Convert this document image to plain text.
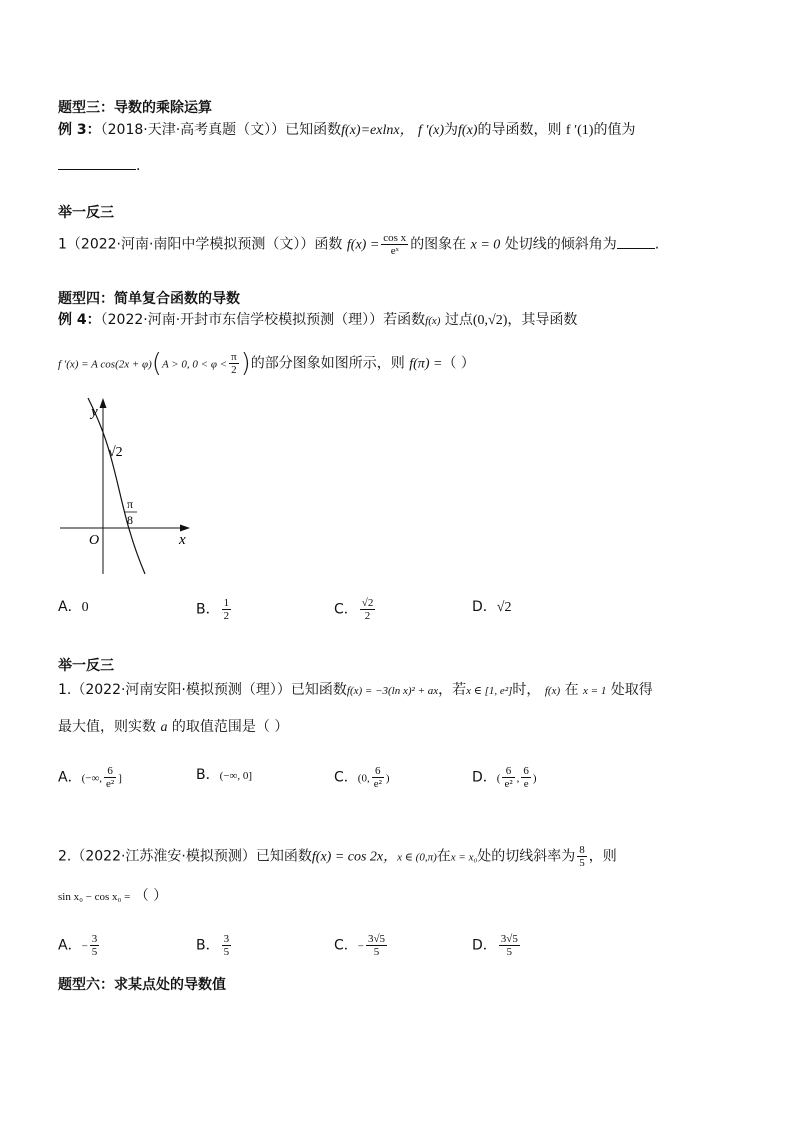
题型三：导数的乘除运算
例 3：（2018·天津·高考真题（文））已知函数f(x)=exlnx， f ′(x)为f(x)的导函数，则 f ′(1)的值为
.
举一反三
1（2022·河南·南阳中学模拟预测（文））函数 $f(x) = \frac{\text{cos x}}{\text{eˣ}}$ 的图象在 x = 0 处切线的倾斜角为	.
题型四：简单复合函数的导数
例 4：（2022·河南·开封市东信学校模拟预测（理））若函数f(x) 过点(0,√2)，其导函数
f ′(x) = A cos(2x + φ)(A > 0, $0 < \varphi < \frac{\pi}{2}$ )的部分图象如图所示，则 f(π) =（ ）
y
x
O
√2
π
8
A．0	B． $\frac{1}{2}$	C． $\frac{√2}{2}$	D．√2
举一反三
1.（2022·河南安阳·模拟预测（理））已知函数f(x) = −3(ln x)² + ax，若x ∈ [1, e²]时， f(x) 在 x = 1 处取得
最大值，则实数 a 的取值范围是（ ）
A．(−∞, $\frac{6}{\text{e²}}$ ]	B．(−∞, 0]	C．(0, $\frac{6}{\text{e²}}$ )	D．( $\frac{6}{\text{e²}}$ , $\frac{6}{e}$ )
2.（2022·江苏淮安·模拟预测）已知函数f(x) = cos 2x，x ∈ (0,π)在x = x₀处的切线斜率为 $\frac{8}{5}$ ，则
sin x₀ − cos x₀ = （ ）
A．− $\frac{3}{5}$	B． $\frac{3}{5}$	C．− $\frac{3√5}{5}$	D． $\frac{3√5}{5}$
题型六：求某点处的导数值
